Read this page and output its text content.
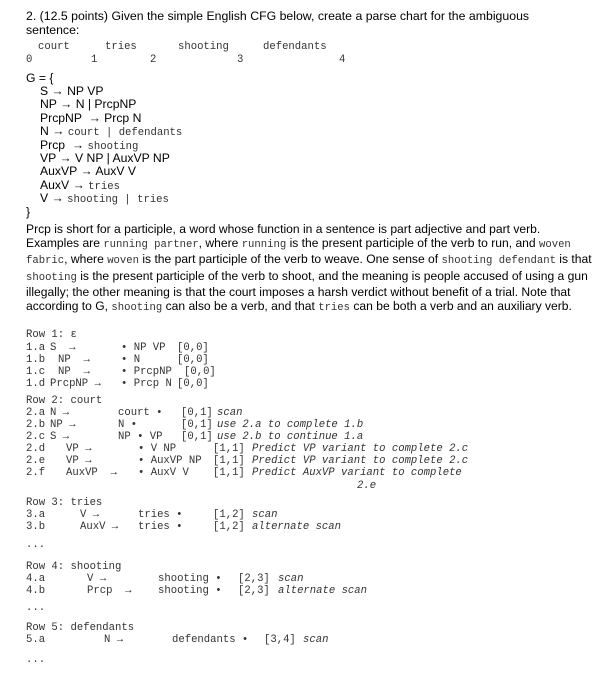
2. (12.5 points) Given the simple English CFG below, create a parse chart for the ambiguous
sentence:
court	tries	shooting	defendants
0	1	2	3	4
G = {
S → NP VP
NP → N | PrcpNP
PrcpNP → Prcp N
N → court | defendants
Prcp → shooting
VP → V NP | AuxVP NP
AuxVP → AuxV V
AuxV → tries
V → shooting | tries
}
Prcp is short for a participle, a word whose function in a sentence is part adjective and part verb. Examples are running partner, where running is the present participle of the verb to run, and woven fabric, where woven is the part participle of the verb to weave. One sense of shooting defendant is that shooting is the present participle of the verb to shoot, and the meaning is people accused of using a gun illegally; the other meaning is that the court imposes a harsh verdict without benefit of a trial. Note that according to G, shooting can also be a verb, and that tries can be both a verb and an auxiliary verb.
Row 1: ε
1.a S →	• NP VP [0,0]
1.b NP →	• N	[0,0]
1.c NP →	• PrcpNP [0,0]
1.d PrcpNP → • Prcp N [0,0]
Row 2: court
2.a N →	court • [0,1] scan
2.b NP →	N •	[0,1] use 2.a to complete 1.b
2.c S →	NP • VP [0,1] use 2.b to continue 1.a
2.d VP →	• V NP	[1,1] Predict VP variant to complete 2.c
2.e VP →	• AuxVP NP [1,1] Predict VP variant to complete 2.c
2.f AuxVP → • AuxV V [1,1] Predict AuxVP variant to complete
2.e
Row 3: tries
3.a	V →	tries •	[1,2] scan
3.b	AuxV → tries •	[1,2] alternate scan
...
Row 4: shooting
4.a	V →	shooting • [2,3] scan
4.b	Prcp → shooting • [2,3] alternate scan
...
Row 5: defendants
5.a	N →	defendants • [3,4] scan
...
